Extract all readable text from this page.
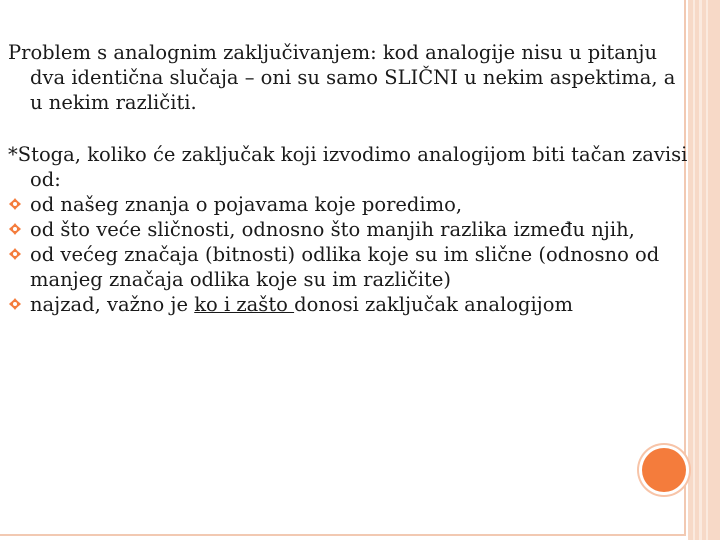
Problem s analognim zaključivanjem: kod analogije nisu u pitanju dva identična slučaja – oni su samo SLIČNI u nekim aspektima, a u nekim različiti.

*Stoga, koliko će zaključak koji izvodimo analogijom biti tačan zavisi od:

od našeg znanja o pojavama koje poredimo,
od što veće sličnosti, odnosno što manjih razlika između njih,
od većeg značaja (bitnosti) odlika koje su im slične (odnosno od manjeg značaja odlika koje su im različite)
najzad, važno je ko i zašto donosi zaključak analogijom
